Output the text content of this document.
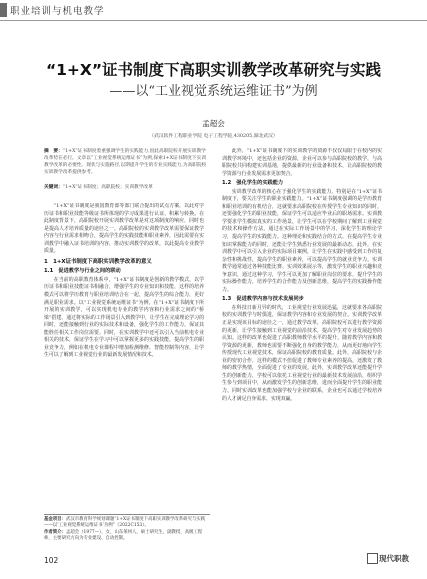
职业培训与机电教学
“1+X”证书制度下高职实训教学改革研究与实践
——以“工业视觉系统运维证书”为例
孟超会
（武汉软件工程职业学院 电子工程学院,430205,湖北武汉）
摘　要：“1+X”证书制度着重强调学生的实践能力,因此高职院校开展实训教学改革势在必行。文章以“工业视觉系统运维证书”为例,探索1+X证书制度下实训教学改革的必要性、现状与实施路径,以期提升学生的专业实践能力,为高职院校实训教学改革提供参考。
关键词：“1+X”证书制度；高职院校；实训教学改革

“1+X”证书制度是我国教育部等部门联合提出的试点方案，以此对学历证书和职业技能等级证书所体现的学习成果进行认证、积累与转换。在此制度背景下，高职院校开展实训教学改革是对这项制度的响应，同时也是提高人才培养质量的途径之一。高职院校的实训教学改革需要保证教学内容与行业需求相吻合，提高学生的实践技能和职业素养，因此需要在实训教学中融入证书培训的内容，推动实训教学的改革，以此提高专业教学质量。

1　1+X证书制度下高职实训教学改革的意义
1.1　促进教学与行业之间的联动

在当前的高职教育体系中，“1+X”证书制度是创新的教学模式，以学历证书和职业技能证书相融合，增强学生的专业知识和技能，这样的培养模式可以将学历教育与职业培训结合在一起，提高学生的综合能力，更好满足职业需求。以“工业视觉系统运维证书”为例，在“1+X”证书制度下所开展的实训教学，可以实现机电专业的教学内容和行业需求之间的“桥梁”搭建，通过将实际的工作场景引入到教学中，让学生在完成理论学习的同时，还能接触到行业的实际技术和设备，强化学生的工作能力，保证其能胜任相关工作岗位需要。同时，在实训教学中还可以引入当前机电专业相关的技术，保证学生在学习中可以掌握更多的实践技能，提高学生的职业竞争力，例如在机电专业课程中增加检测维修、智能控制等内容，让学生可以了解到工业视觉行业的最新发展情况和技术。

基金项目：武汉市教育科学规划课题“1+X证书制度下高职实训教学改革研究与实践——以‘工业视觉系统运维证书’为例”（2022C153）。
作者简介：孟超会（1977—），女，山东莱州人，硕士研究生，副教授，高级工程师，主要研究方向为专业建设、自动控制。

此外，“1+X”证书制度下的实训教学的资源不仅仅局限于在校内的实训教学环境中，还包括企业的资源，企业可以参与高职院校的教学，与高职院校共同构建实训基地，提供最新的行业设备和技术，让高职院校的教学资源与行业发展需求更加契合。

1.2　强化学生的实践能力

实训教学改革的核心在于强化学生的实践能力，特别是在“1+X”证书制度下，要关注学生的职业实践能力。“1+X”证书制度强调的是学历教育和职业培训的有机结合，这就要求高职院校在传授学生专业知识的同时，还要强化学生的职业技能，保证学生可以适应毕业后的职场需求。实训教学要求学生模拟真实的工作场景，让学生可以在学校期间了解到工业视觉的技术和操作方法，通过在实际工作场景中的学习，深化学生的理论学习，提高学生的实践能力。这种理论和实践结合的方式，在提高学生专业知识掌握能力的同时，还能让学生熟悉行业发展的最新动态，此外，在实训教学中可以引入企业的实际项目案例，让学生在实践中感受到工作的复杂性和挑战性，提高学生的职业素养，可以提高学生的就业竞争力。实训教学通常通过各种技能比赛、实训效果展示等，激发学生的职业兴趣和竞争意识，通过这种学习，学生可以更加了解职业岗位的要求，提升学生的实际操作能力，培养学生的合作能力及创新思维，提高学生的实践操作能力。

1.3　促进教学内容与技术发展同步

在科技日新月异的时代，工业视觉行业发展迅猛，这就要求各高职院校的实训教学与时俱进，保证教学内容和专业发展的契合。实训教学改革正是实现该目标的途径之一，通过教学改革，高职院校可以进行教学资源的更新，让学生接触到工业视觉的前沿技术，提高学生对专业发展趋势的认知。这样的改革也促进了高职教师教学水平的提升。随着教学内容和教学资源的更新，教师也需要不断强化自身的教学能力，从而更好地向学生传授现代工业视觉技术，保证高职院校的教育质量。此外，高职院校与企业的密切合作，这样的模式不但促进了教师专业素养的提高，还激发了教师的教学热情，全面促进了专业的发展。此外，实训教学改革还能提升学生的创新能力，学校可以依托工业视觉行业的最新技术发展前沿，组织学生参与到项目中，从而激发学生的创新思维，进而全面提升学生的职业能力。同时实训改革也能加强学校与企业的联系，企业也可以通过学校培养的人才满足自身需求，实现双赢。

102	现代职教
